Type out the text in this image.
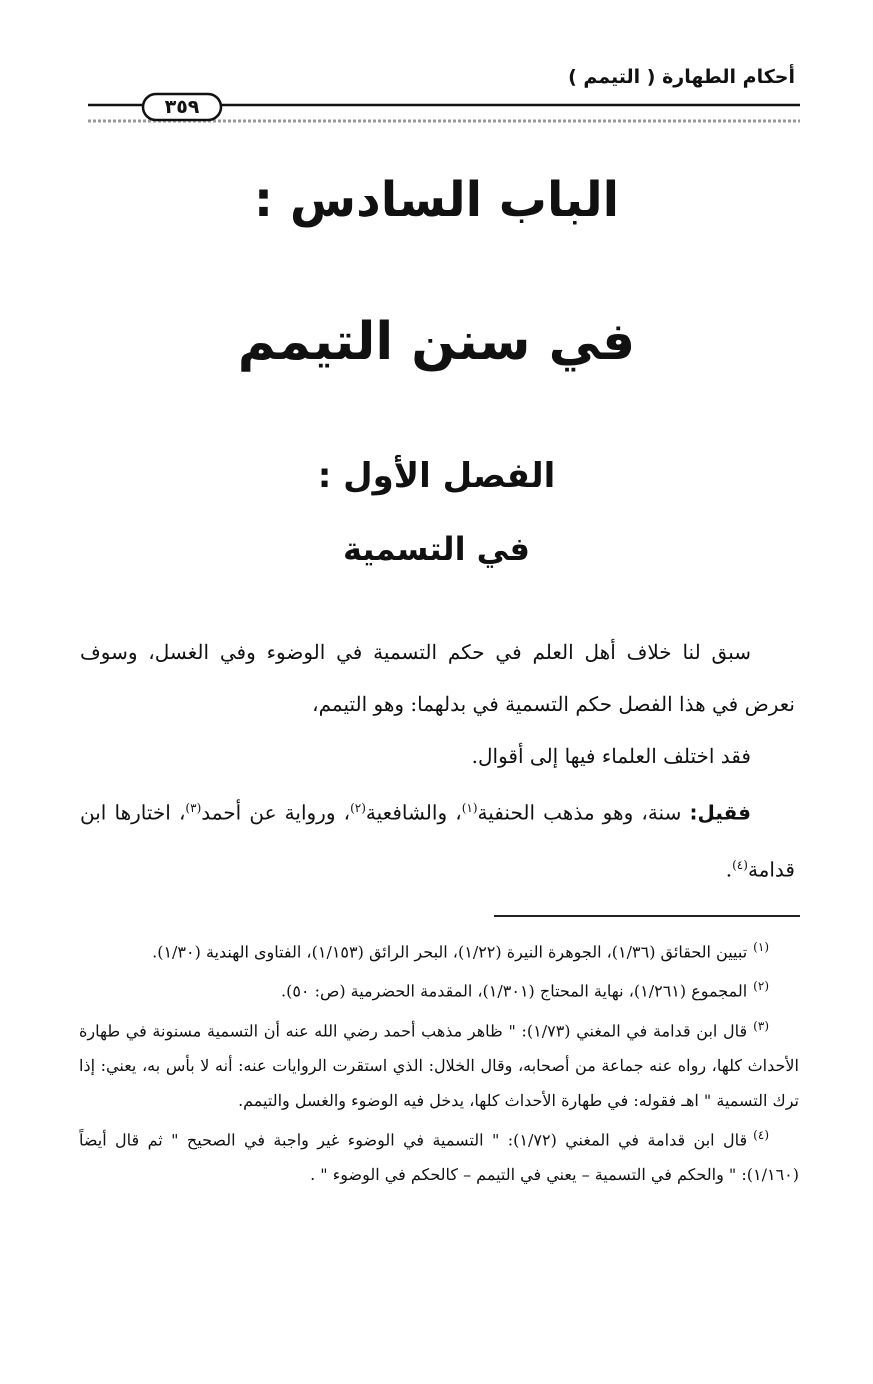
أحكام الطهارة ( التيمم )
٣٥٩
الباب السادس :
في سنن التيمم
الفصل الأول :
في التسمية

سبق لنا خلاف أهل العلم في حكم التسمية في الوضوء وفي الغسل، وسوف نعرض في هذا الفصل حكم التسمية في بدلهما: وهو التيمم،

فقد اختلف العلماء فيها إلى أقوال.

فقيل: سنة، وهو مذهب الحنفية$^{(١)}$، والشافعية$^{(٢)}$، ورواية عن أحمد$^{(٣)}$، اختارها ابن قدامة$^{(٤)}$.

$^{(١)}$تبيين الحقائق (١/٣٦)، الجوهرة النيرة (١/٢٢)، البحر الرائق (١/١٥٣)، الفتاوى الهندية (١/٣٠).

$^{(٢)}$المجموع (١/٢٦١)، نهاية المحتاج (١/٣٠١)، المقدمة الحضرمية (ص: ٥٠).

$^{(٣)}$قال ابن قدامة في المغني (١/٧٣): " ظاهر مذهب أحمد رضي الله عنه أن التسمية مسنونة في طهارة الأحداث كلها، رواه عنه جماعة من أصحابه، وقال الخلال: الذي استقرت الروايات عنه: أنه لا بأس به، يعني: إذا ترك التسمية " اهـ فقوله: في طهارة الأحداث كلها، يدخل فيه الوضوء والغسل والتيمم.

$^{(٤)}$قال ابن قدامة في المغني (١/٧٢): " التسمية في الوضوء غير واجبة في الصحيح " ثم قال أيضاً (١/١٦٠): " والحكم في التسمية – يعني في التيمم – كالحكم في الوضوء " .
